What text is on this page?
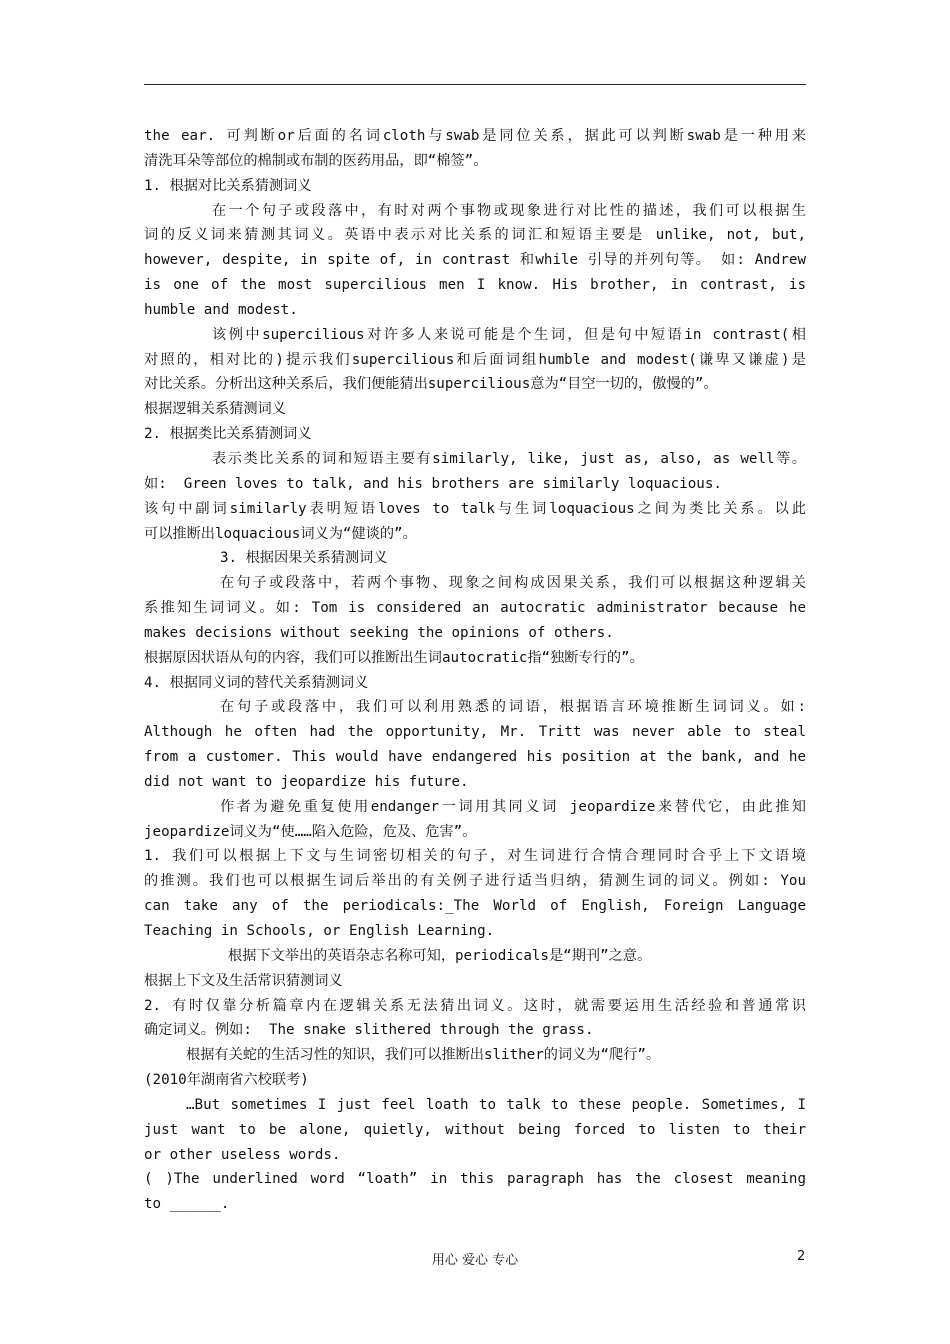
the ear. 可判断or后面的名词cloth与swab是同位关系，据此可以判断swab是一种用来
清洗耳朵等部位的棉制或布制的医药用品，即“棉签”。
1. 根据对比关系猜测词义
在一个句子或段落中，有时对两个事物或现象进行对比性的描述，我们可以根据生
词的反义词来猜测其词义。英语中表示对比关系的词汇和短语主要是 unlike, not, but,
however, despite, in spite of, in contrast 和while 引导的并列句等。 如: Andrew
is one of the most supercilious men I know. His brother, in contrast, is
humble and modest.
该例中supercilious对许多人来说可能是个生词，但是句中短语in contrast(相
对照的，相对比的)提示我们supercilious和后面词组humble and modest(谦卑又谦虚)是
对比关系。分析出这种关系后，我们便能猜出supercilious意为“目空一切的，傲慢的”。
根据逻辑关系猜测词义
2. 根据类比关系猜测词义
表示类比关系的词和短语主要有similarly, like, just as, also, as well等。
如:  Green loves to talk, and his brothers are similarly loquacious.
该句中副词similarly表明短语loves to talk与生词loquacious之间为类比关系。以此
可以推断出loquacious词义为“健谈的”。
3. 根据因果关系猜测词义
在句子或段落中，若两个事物、现象之间构成因果关系，我们可以根据这种逻辑关
系推知生词词义。如: Tom is considered an autocratic administrator because he
makes decisions without seeking the opinions of others.
根据原因状语从句的内容，我们可以推断出生词autocratic指“独断专行的”。
4. 根据同义词的替代关系猜测词义
在句子或段落中，我们可以利用熟悉的词语，根据语言环境推断生词词义。如:
Although he often had the opportunity, Mr. Tritt was never able to steal
from a customer. This would have endangered his position at the bank, and he
did not want to jeopardize his future.
作者为避免重复使用endanger一词用其同义词 jeopardize来替代它，由此推知
jeopardize词义为“使……陷入危险，危及、危害”。
1. 我们可以根据上下文与生词密切相关的句子，对生词进行合情合理同时合乎上下文语境
的推测。我们也可以根据生词后举出的有关例子进行适当归纳，猜测生词的词义。例如: You
can take any of the periodicals:_The World of English, Foreign Language
Teaching in Schools, or English Learning.
根据下文举出的英语杂志名称可知，periodicals是“期刊”之意。
根据上下文及生活常识猜测词义
2. 有时仅靠分析篇章内在逻辑关系无法猜出词义。这时，就需要运用生活经验和普通常识
确定词义。例如:  The snake slithered through the grass.
根据有关蛇的生活习性的知识，我们可以推断出slither的词义为“爬行”。
(2010年湖南省六校联考)
…But sometimes I just feel loath to talk to these people. Sometimes, I
just want to be alone, quietly, without being forced to listen to their
or other useless words.
( )The underlined word “loath” in this paragraph has the closest meaning
to ______.
用心 爱心 专心	2
